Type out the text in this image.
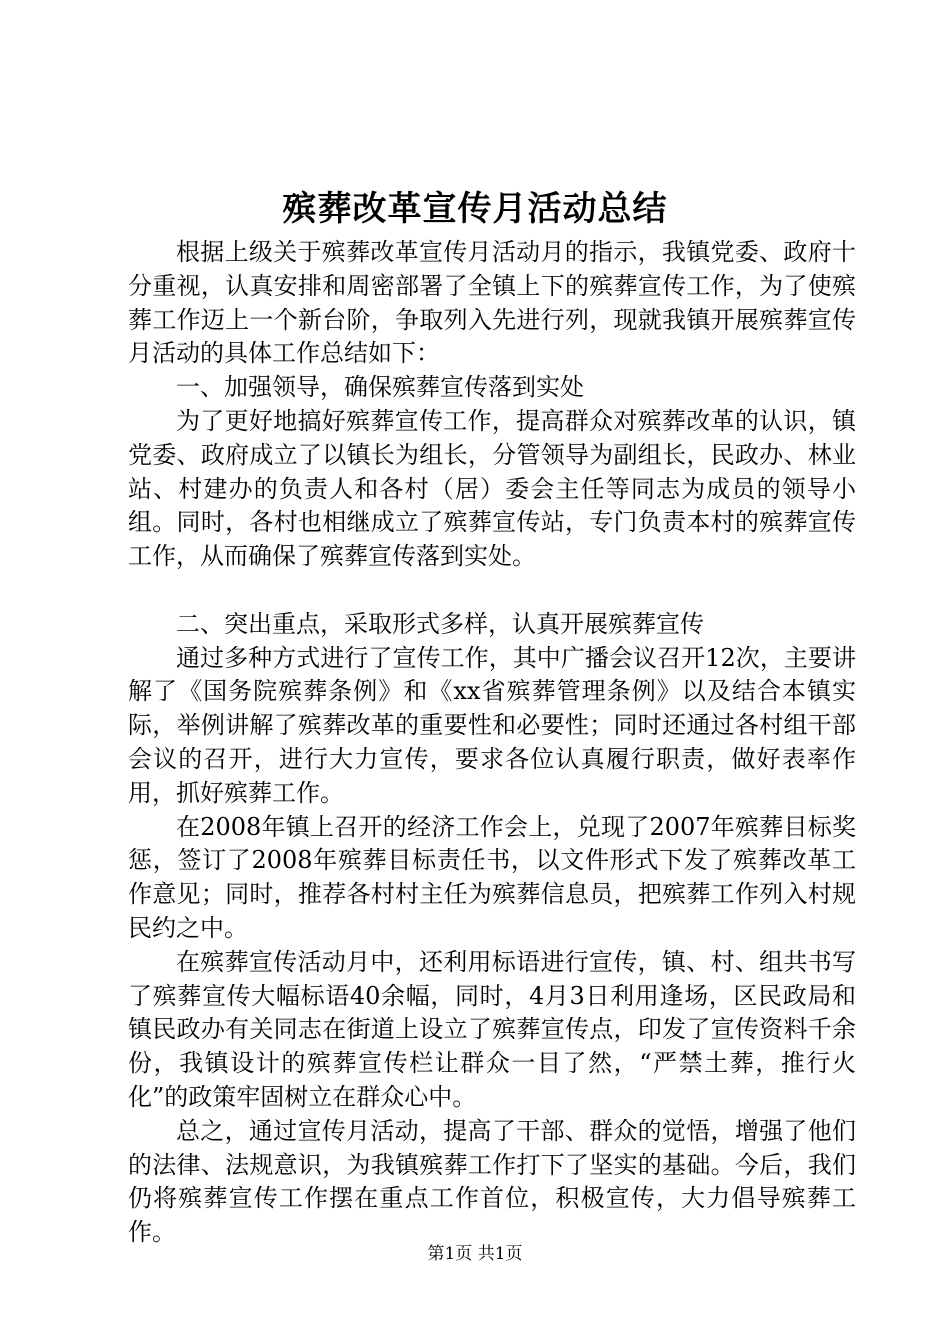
殡葬改革宣传月活动总结

根据上级关于殡葬改革宣传月活动月的指示，我镇党委、政府十分重视，认真安排和周密部署了全镇上下的殡葬宣传工作，为了使殡葬工作迈上一个新台阶，争取列入先进行列，现就我镇开展殡葬宣传月活动的具体工作总结如下：

一、加强领导，确保殡葬宣传落到实处

为了更好地搞好殡葬宣传工作，提高群众对殡葬改革的认识，镇党委、政府成立了以镇长为组长，分管领导为副组长，民政办、林业站、村建办的负责人和各村（居）委会主任等同志为成员的领导小组。同时，各村也相继成立了殡葬宣传站，专门负责本村的殡葬宣传工作，从而确保了殡葬宣传落到实处。

二、突出重点，采取形式多样，认真开展殡葬宣传

通过多种方式进行了宣传工作，其中广播会议召开12次，主要讲解了《国务院殡葬条例》和《xx省殡葬管理条例》以及结合本镇实际，举例讲解了殡葬改革的重要性和必要性；同时还通过各村组干部会议的召开，进行大力宣传，要求各位认真履行职责，做好表率作用，抓好殡葬工作。

在2008年镇上召开的经济工作会上，兑现了2007年殡葬目标奖惩，签订了2008年殡葬目标责任书，以文件形式下发了殡葬改革工作意见；同时，推荐各村村主任为殡葬信息员，把殡葬工作列入村规民约之中。

在殡葬宣传活动月中，还利用标语进行宣传，镇、村、组共书写了殡葬宣传大幅标语40余幅，同时，4月3日利用逢场，区民政局和镇民政办有关同志在街道上设立了殡葬宣传点，印发了宣传资料千余份，我镇设计的殡葬宣传栏让群众一目了然，“严禁土葬，推行火化”的政策牢固树立在群众心中。

总之，通过宣传月活动，提高了干部、群众的觉悟，增强了他们的法律、法规意识，为我镇殡葬工作打下了坚实的基础。今后，我们仍将殡葬宣传工作摆在重点工作首位，积极宣传，大力倡导殡葬工作。

第1页 共1页
